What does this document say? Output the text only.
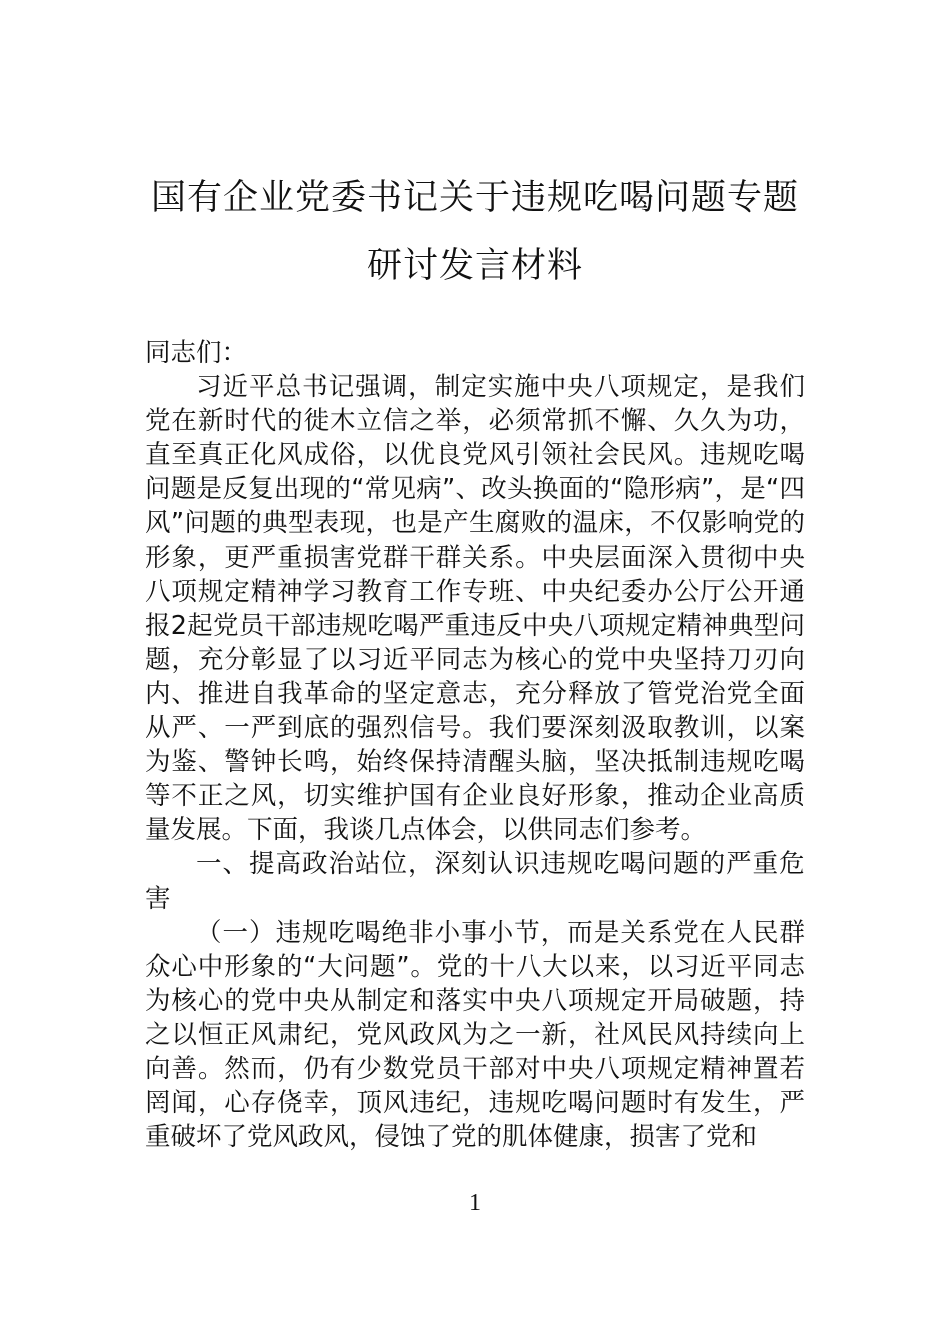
国有企业党委书记关于违规吃喝问题专题
研讨发言材料

同志们：

习近平总书记强调，制定实施中央八项规定，是我们党在新时代的徙木立信之举，必须常抓不懈、久久为功，直至真正化风成俗，以优良党风引领社会民风。违规吃喝问题是反复出现的“常见病”、改头换面的“隐形病”，是“四风”问题的典型表现，也是产生腐败的温床，不仅影响党的形象，更严重损害党群干群关系。中央层面深入贯彻中央八项规定精神学习教育工作专班、中央纪委办公厅公开通报2起党员干部违规吃喝严重违反中央八项规定精神典型问题，充分彰显了以习近平同志为核心的党中央坚持刀刃向内、推进自我革命的坚定意志，充分释放了管党治党全面从严、一严到底的强烈信号。我们要深刻汲取教训，以案为鉴、警钟长鸣，始终保持清醒头脑，坚决抵制违规吃喝等不正之风，切实维护国有企业良好形象，推动企业高质量发展。下面，我谈几点体会，以供同志们参考。

一、提高政治站位，深刻认识违规吃喝问题的严重危害

（一）违规吃喝绝非小事小节，而是关系党在人民群众心中形象的“大问题”。党的十八大以来，以习近平同志为核心的党中央从制定和落实中央八项规定开局破题，持之以恒正风肃纪，党风政风为之一新，社风民风持续向上向善。然而，仍有少数党员干部对中央八项规定精神置若罔闻，心存侥幸，顶风违纪，违规吃喝问题时有发生，严重破坏了党风政风，侵蚀了党的肌体健康，损害了党和

1
